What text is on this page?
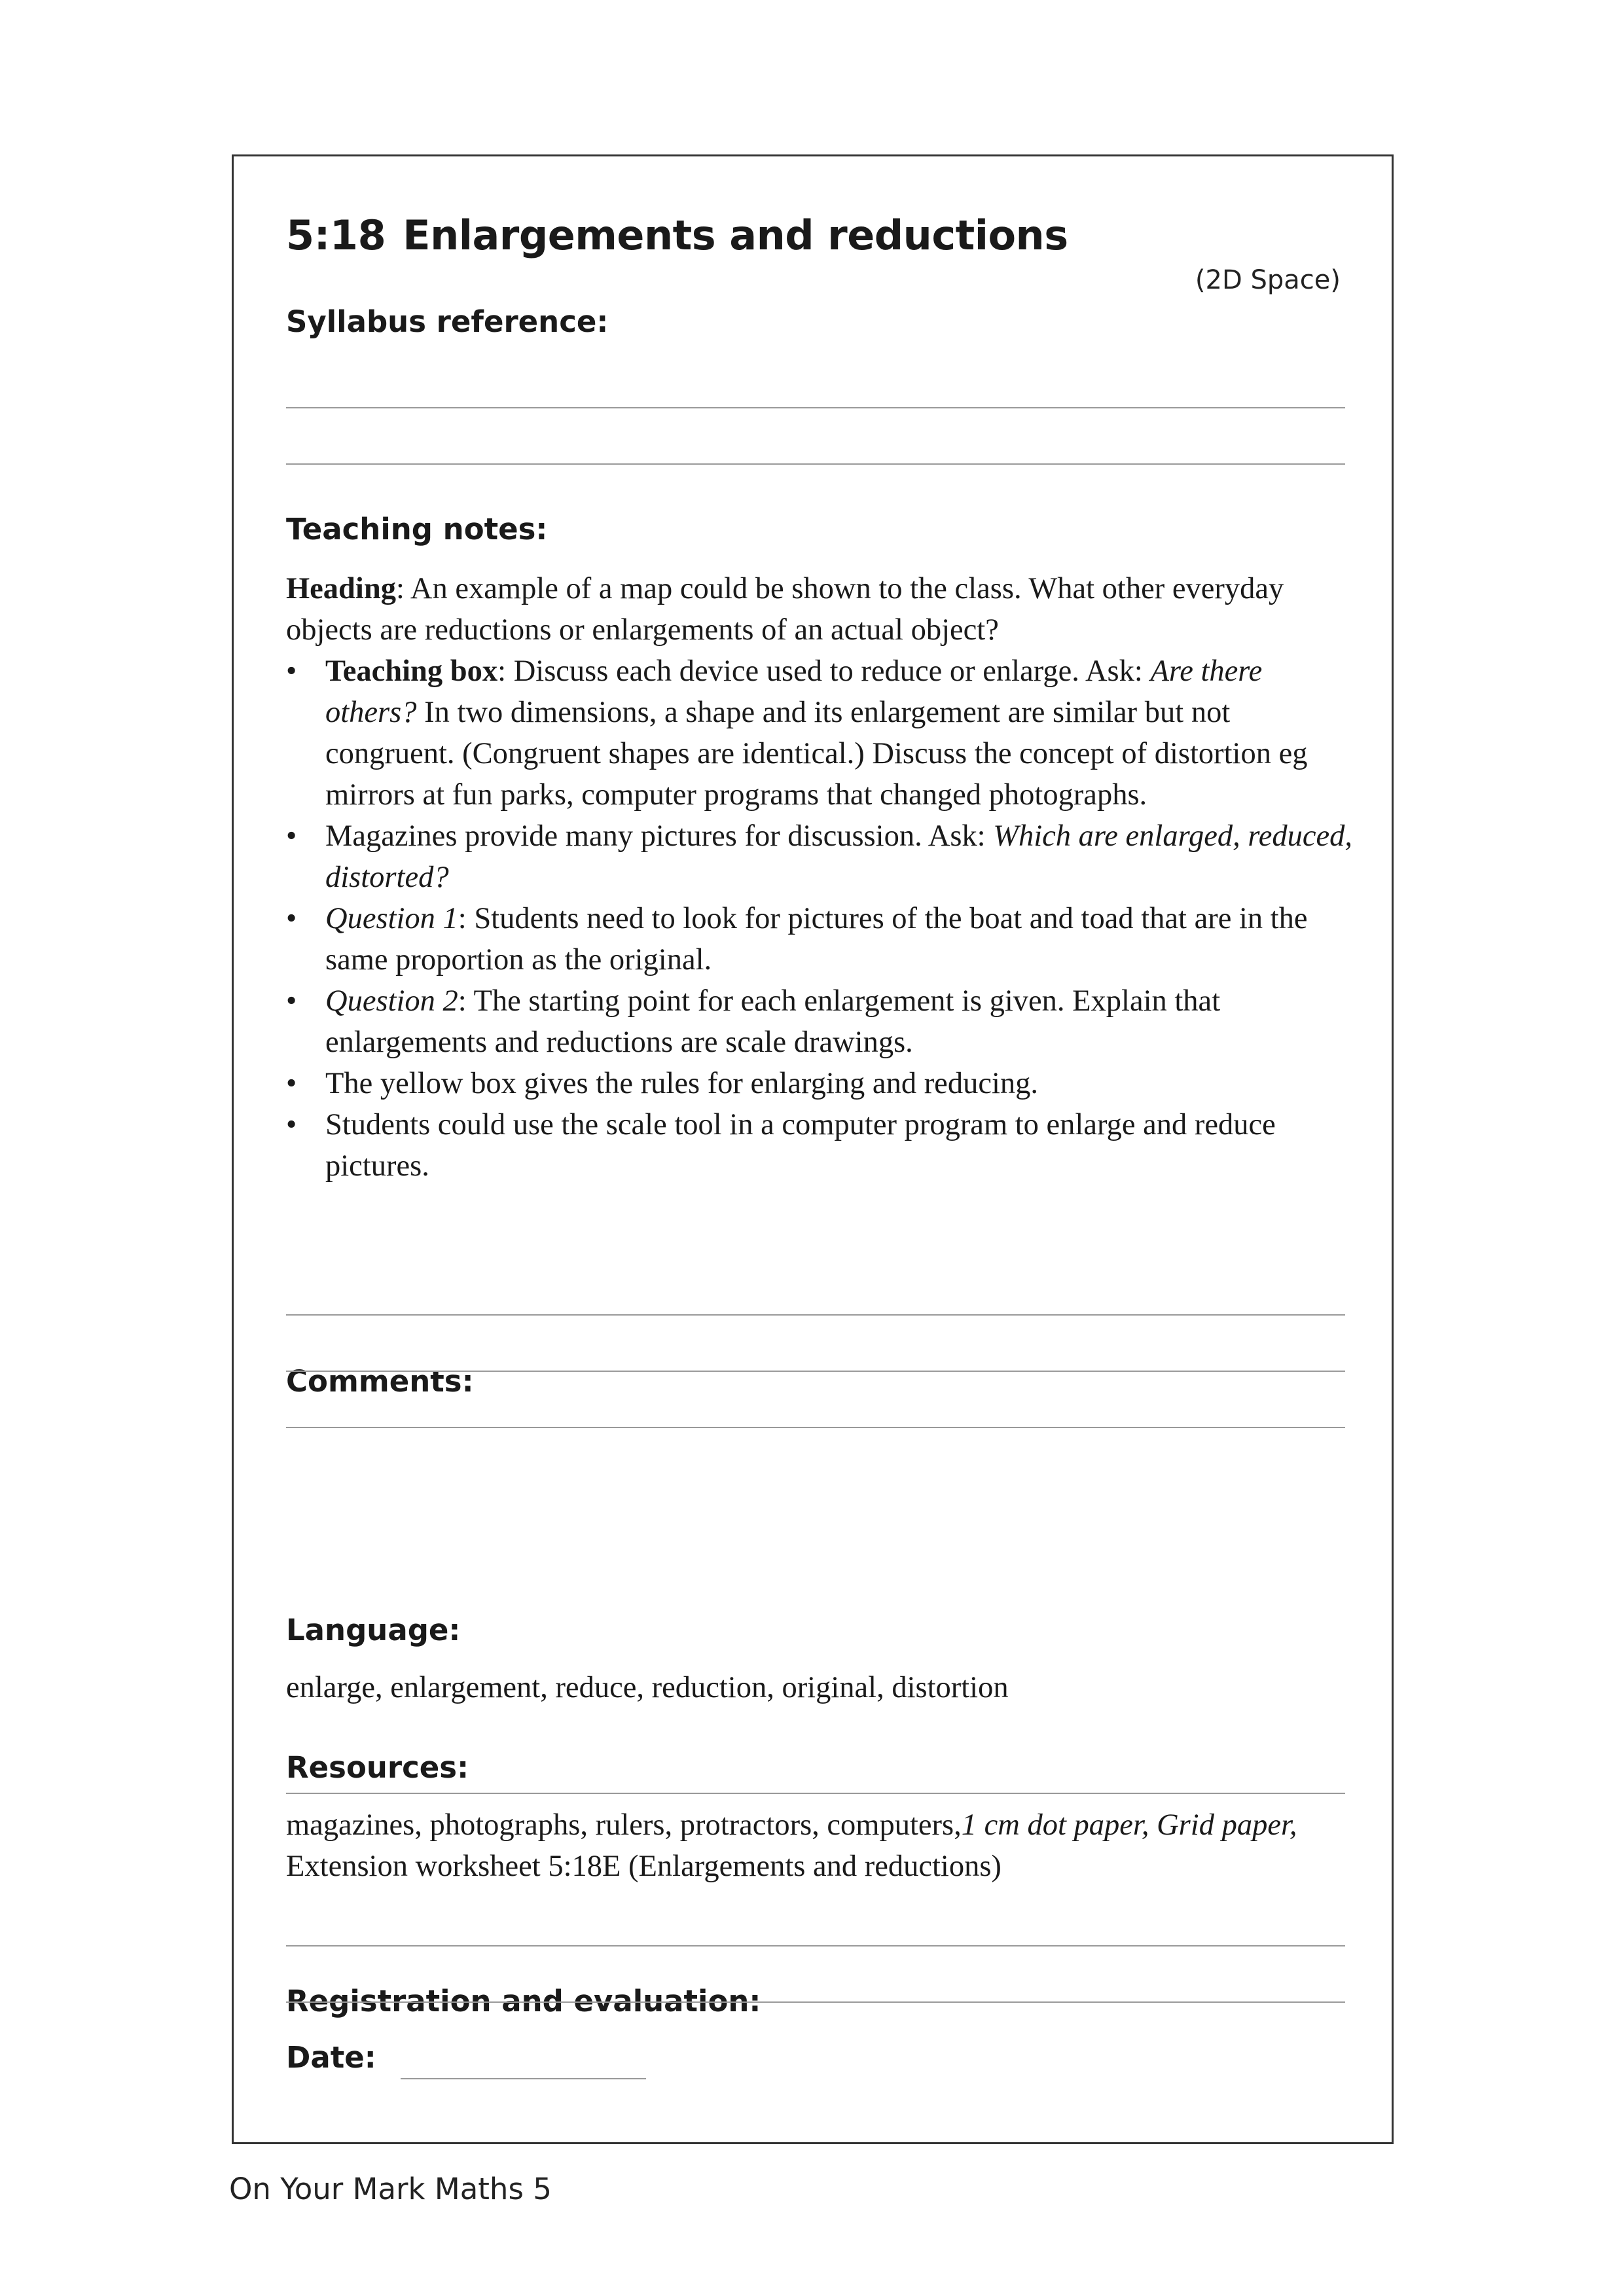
5:18 Enlargements and reductions
(2D Space)
Syllabus reference:
Teaching notes:

Heading: An example of a map could be shown to the class. What other everyday objects are reductions or enlargements of an actual object?

• Teaching box: Discuss each device used to reduce or enlarge. Ask: Are there others? In two dimensions, a shape and its enlargement are similar but not congruent. (Congruent shapes are identical.) Discuss the concept of distortion eg mirrors at fun parks, computer programs that changed photographs.
• Magazines provide many pictures for discussion. Ask: Which are enlarged, reduced, distorted?
• Question 1: Students need to look for pictures of the boat and toad that are in the same proportion as the original.
• Question 2: The starting point for each enlargement is given. Explain that enlargements and reductions are scale drawings.
• The yellow box gives the rules for enlarging and reducing.
• Students could use the scale tool in a computer program to enlarge and reduce pictures.
Comments:
Language:
enlarge, enlargement, reduce, reduction, original, distortion
Resources:
magazines, photographs, rulers, protractors, computers,1 cm dot paper, Grid paper, Extension worksheet 5:18E (Enlargements and reductions)
Registration and evaluation:
Date:
On Your Mark Maths 5
